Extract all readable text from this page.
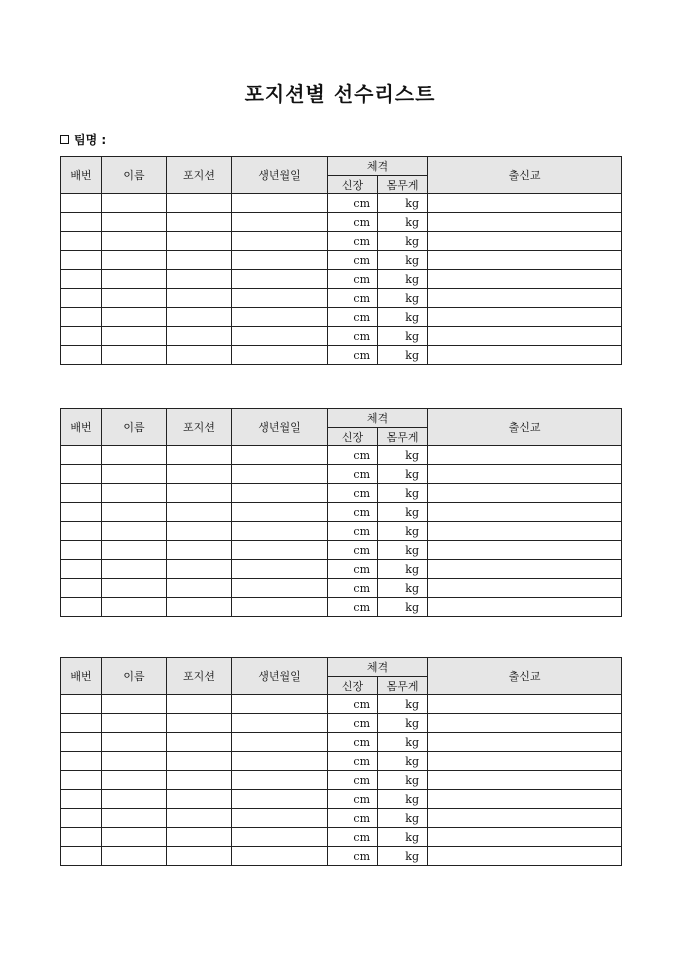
포지션별 선수리스트
팀명 :
배번	이름	포지션	생년월일	체격		출신교
				신장	몸무게	
				cm	kg	
				cm	kg	
				cm	kg	
				cm	kg	
				cm	kg	
				cm	kg	
				cm	kg	
				cm	kg	
				cm	kg	
배번	이름	포지션	생년월일	체격		출신교
				신장	몸무게	
				cm	kg	
				cm	kg	
				cm	kg	
				cm	kg	
				cm	kg	
				cm	kg	
				cm	kg	
				cm	kg	
				cm	kg	
배번	이름	포지션	생년월일	체격		출신교
				신장	몸무게	
				cm	kg	
				cm	kg	
				cm	kg	
				cm	kg	
				cm	kg	
				cm	kg	
				cm	kg	
				cm	kg	
				cm	kg	
